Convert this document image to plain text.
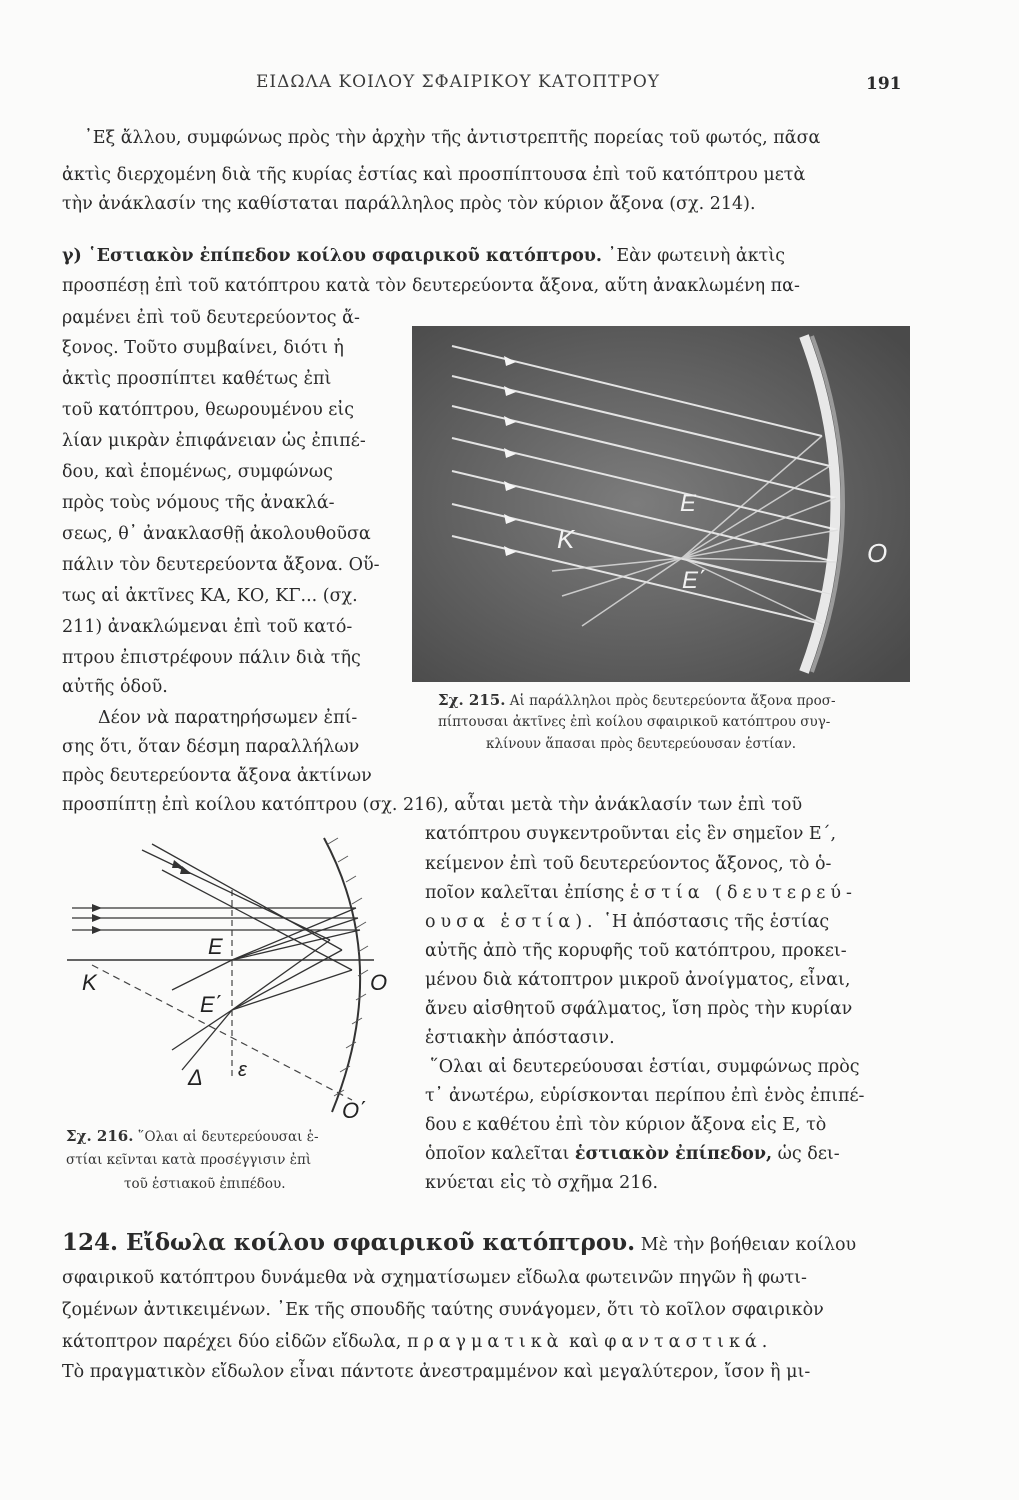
ΕΙΔΩΛΑ ΚΟΙΛΟΥ ΣΦΑΙΡΙΚΟΥ ΚΑΤΟΠΤΡΟΥ	191
᾿Εξ ἄλλου, συμφώνως πρὸς τὴν ἀρχὴν τῆς ἀντιστρεπτῆς πορείας τοῦ φωτός, πᾶσα
ἀκτὶς διερχομένη διὰ τῆς κυρίας ἑστίας καὶ προσπίπτουσα ἐπὶ τοῦ κατόπτρου μετὰ
τὴν ἀνάκλασίν της καθίσταται παράλληλος πρὸς τὸν κύριον ἄξονα (σχ. 214).
γ) ῾Εστιακὸν ἐπίπεδον κοίλου σφαιρικοῦ κατόπτρου. ᾿Εὰν φωτεινὴ ἀκτὶς
προσπέσῃ ἐπὶ τοῦ κατόπτρου κατὰ τὸν δευτερεύοντα ἄξονα, αὕτη ἀνακλωμένη πα-
ραμένει ἐπὶ τοῦ δευτερεύοντος ἄ-
ξονος. Τοῦτο συμβαίνει, διότι ἡ
ἀκτὶς προσπίπτει καθέτως ἐπὶ
τοῦ κατόπτρου, θεωρουμένου εἰς
λίαν μικρὰν ἐπιφάνειαν ὡς ἐπιπέ-
δου, καὶ ἑπομένως, συμφώνως
πρὸς τοὺς νόμους τῆς ἀνακλά-
σεως, θ᾿ ἀνακλασθῇ ἀκολουθοῦσα
πάλιν τὸν δευτερεύοντα ἄξονα. Οὕ-
τως αἱ ἀκτῖνες ΚΑ, ΚΟ, ΚΓ... (σχ.
211) ἀνακλώμεναι ἐπὶ τοῦ κατό-
πτρου ἐπιστρέφουν πάλιν διὰ τῆς
αὐτῆς ὁδοῦ.
Δέον νὰ παρατηρήσωμεν ἐπί-
σης ὅτι, ὅταν δέσμη παραλλήλων
πρὸς δευτερεύοντα ἄξονα ἀκτίνων
προσπίπτῃ ἐπὶ κοίλου κατόπτρου (σχ. 216), αὗται μετὰ τὴν ἀνάκλασίν των ἐπὶ τοῦ
Κ
Ε
Ε΄
Ο
Σχ. 215. Αἱ παράλληλοι πρὸς δευτερεύοντα ἄξονα προσ-
πίπτουσαι ἀκτῖνες ἐπὶ κοίλου σφαιρικοῦ κατόπτρου συγ-
κλίνουν ἅπασαι πρὸς δευτερεύουσαν ἑστίαν.
κατόπτρου συγκεντροῦνται εἰς ἓν σημεῖον Ε΄,
κείμενον ἐπὶ τοῦ δευτερεύοντος ἄξονος, τὸ ὁ-
ποῖον καλεῖται ἐπίσης ἑστία (δευτερεύ-
ουσα ἑστία). ῾Η ἀπόστασις τῆς ἑστίας
αὐτῆς ἀπὸ τῆς κορυφῆς τοῦ κατόπτρου, προκει-
μένου διὰ κάτοπτρον μικροῦ ἀνοίγματος, εἶναι,
ἄνευ αἰσθητοῦ σφάλματος, ἴση πρὸς τὴν κυρίαν
ἑστιακὴν ἀπόστασιν.
῞Ολαι αἱ δευτερεύουσαι ἑστίαι, συμφώνως πρὸς
τ᾿ ἀνωτέρω, εὑρίσκονται περίπου ἐπὶ ἑνὸς ἐπιπέ-
δου ε καθέτου ἐπὶ τὸν κύριον ἄξονα εἰς Ε, τὸ
ὁποῖον καλεῖται ἑστιακὸν ἐπίπεδον, ὡς δει-
κνύεται εἰς τὸ σχῆμα 216.
Κ
Ε
Ε΄
Ο
Ο΄
Δ ε
Σχ. 216. ῞Ολαι αἱ δευτερεύουσαι ἑ-
στίαι κεῖνται κατὰ προσέγγισιν ἐπὶ
τοῦ ἑστιακοῦ ἐπιπέδου.
124. Εἴδωλα κοίλου σφαιρικοῦ κατόπτρου. Μὲ τὴν βοήθειαν κοίλου
σφαιρικοῦ κατόπτρου δυνάμεθα νὰ σχηματίσωμεν εἴδωλα φωτεινῶν πηγῶν ἢ φωτι-
ζομένων ἀντικειμένων. ᾿Εκ τῆς σπουδῆς ταύτης συνάγομεν, ὅτι τὸ κοῖλον σφαιρικὸν
κάτοπτρον παρέχει δύο εἰδῶν εἴδωλα, πραγματικὰ καὶ φανταστικά.
Τὸ πραγματικὸν εἴδωλον εἶναι πάντοτε ἀνεστραμμένον καὶ μεγαλύτερον, ἴσον ἢ μι-
